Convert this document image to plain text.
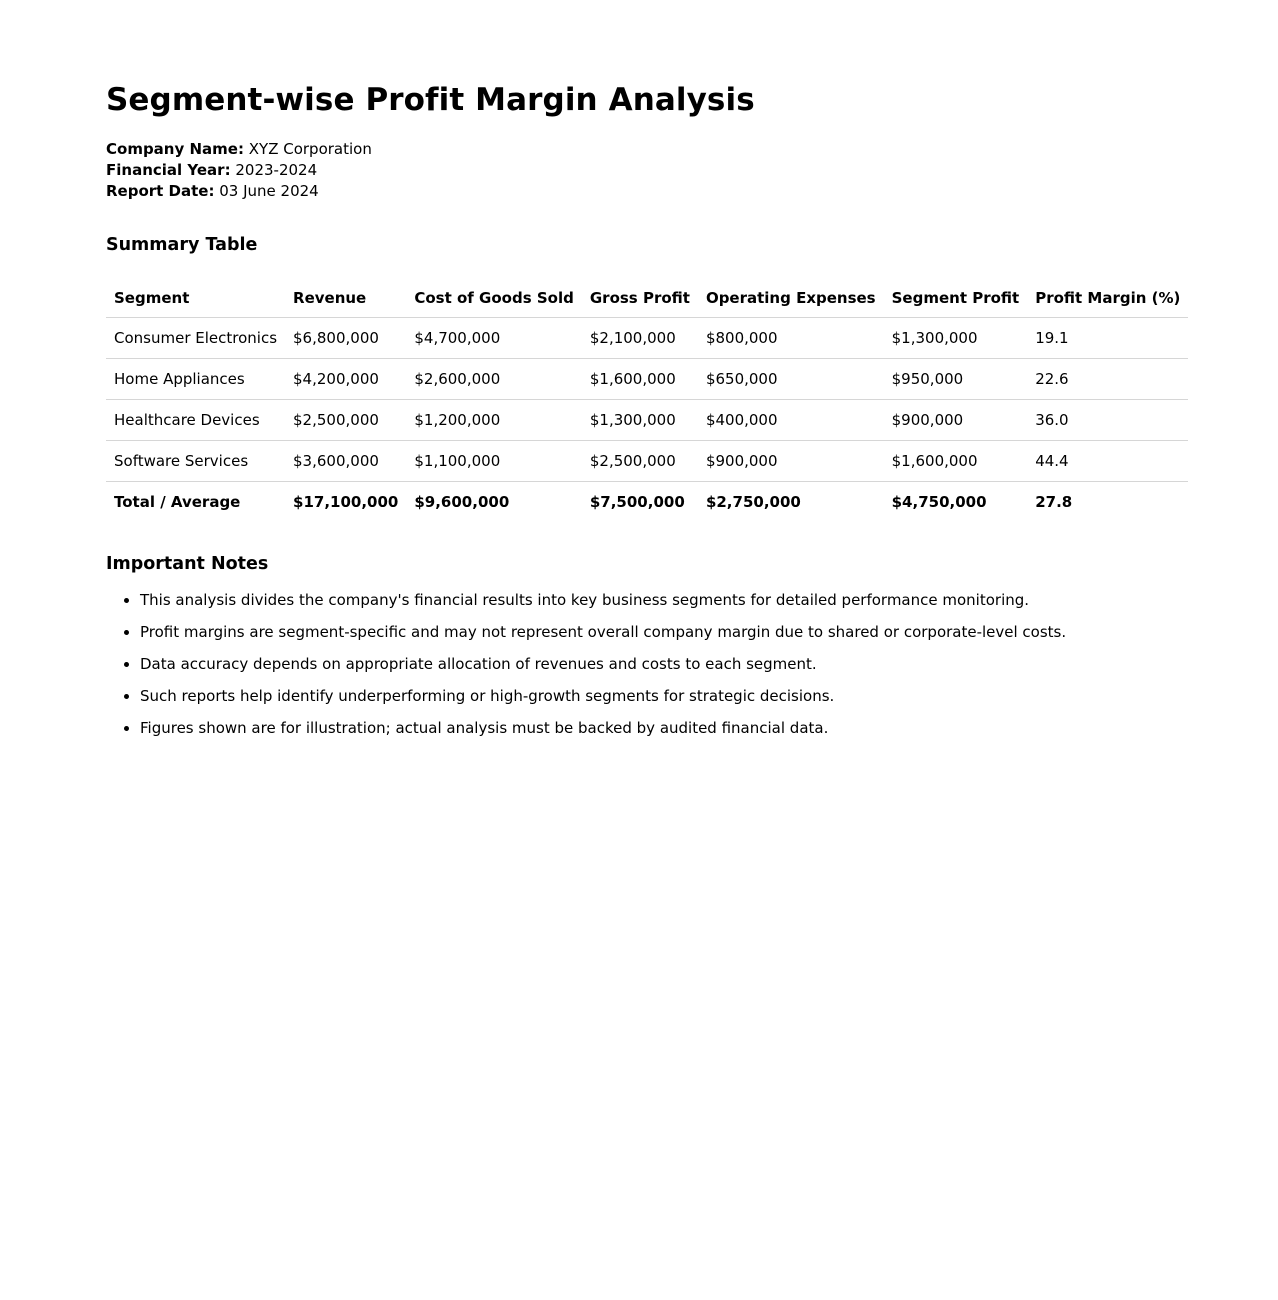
Segment-wise Profit Margin Analysis
Company Name: XYZ Corporation
Financial Year: 2023-2024
Report Date: 03 June 2024
Summary Table
Segment	Revenue	Cost of Goods Sold	Gross Profit	Operating Expenses	Segment Profit	Profit Margin (%)
Consumer Electronics	$6,800,000	$4,700,000	$2,100,000	$800,000	$1,300,000	19.1
Home Appliances	$4,200,000	$2,600,000	$1,600,000	$650,000	$950,000	22.6
Healthcare Devices	$2,500,000	$1,200,000	$1,300,000	$400,000	$900,000	36.0
Software Services	$3,600,000	$1,100,000	$2,500,000	$900,000	$1,600,000	44.4
Total / Average	$17,100,000	$9,600,000	$7,500,000	$2,750,000	$4,750,000	27.8
Important Notes
• This analysis divides the company's financial results into key business segments for detailed performance monitoring.
• Profit margins are segment-specific and may not represent overall company margin due to shared or corporate-level costs.
• Data accuracy depends on appropriate allocation of revenues and costs to each segment.
• Such reports help identify underperforming or high-growth segments for strategic decisions.
• Figures shown are for illustration; actual analysis must be backed by audited financial data.
